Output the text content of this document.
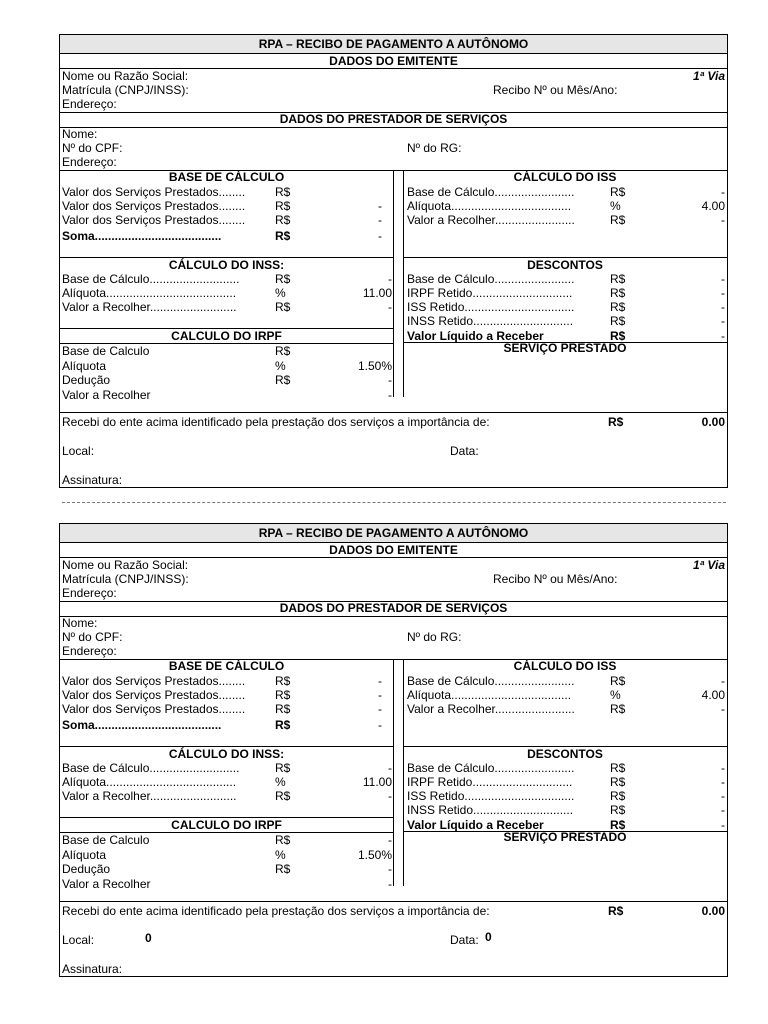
RPA – RECIBO DE PAGAMENTO A AUTÔNOMO
DADOS DO EMITENTE
Nome ou Razão Social:	1ª Via
Matrícula (CNPJ/INSS):	Recibo Nº ou Mês/Ano:
Endereço:
DADOS DO PRESTADOR DE SERVIÇOS
Nome:
Nº do CPF:	Nº do RG:
Endereço:
BASE DE CÁLCULO
Valor dos Serviços Prestados........ R$
Valor dos Serviços Prestados........ R$	-
Valor dos Serviços Prestados........ R$	-
Soma......................................	R$	-
CÁLCULO DO INSS:
Base de Cálculo...........................	R$	-
Alíquota.......................................	%	11.00
Valor a Recolher..........................	R$	-
CALCULO DO IRPF
Base de Calculo	R$
Alíquota	%	1.50%
Dedução	R$	-
Valor a Recolher	-
CÁLCULO DO ISS
Base de Cálculo........................	R$	-
Alíquota....................................	%	4.00
Valor a Recolher........................	R$	-
DESCONTOS
Base de Cálculo........................	R$	-
IRPF Retido..............................	R$	-
ISS Retido.................................	R$	-
INSS Retido..............................	R$	-
Valor Líquido a Receber	R$	-
SERVIÇO PRESTADO
Recebi do ente acima identificado pela prestação dos serviços a importância de:	R$	0.00
Local:	Data:
Assinatura:
RPA – RECIBO DE PAGAMENTO A AUTÔNOMO
DADOS DO EMITENTE
Nome ou Razão Social:	1ª Via
Matrícula (CNPJ/INSS):	Recibo Nº ou Mês/Ano:
Endereço:
DADOS DO PRESTADOR DE SERVIÇOS
Nome:
Nº do CPF:	Nº do RG:
Endereço:
BASE DE CÁLCULO
Valor dos Serviços Prestados........ R$	-
Valor dos Serviços Prestados........ R$	-
Valor dos Serviços Prestados........ R$	-
Soma......................................	R$	-
CÁLCULO DO INSS:
Base de Cálculo...........................	R$	-
Alíquota.......................................	%	11.00
Valor a Recolher..........................	R$	-
CALCULO DO IRPF
Base de Calculo	R$	-
Alíquota	%	1.50%
Dedução	R$	-
Valor a Recolher	-
CÁLCULO DO ISS
Base de Cálculo........................	R$	-
Alíquota....................................	%	4.00
Valor a Recolher........................	R$	-
DESCONTOS
Base de Cálculo........................	R$	-
IRPF Retido..............................	R$	-
ISS Retido.................................	R$	-
INSS Retido..............................	R$	-
Valor Líquido a Receber	R$	-
SERVIÇO PRESTADO
Recebi do ente acima identificado pela prestação dos serviços a importância de:	R$	0.00
Local:	0	Data: 0
Assinatura:
